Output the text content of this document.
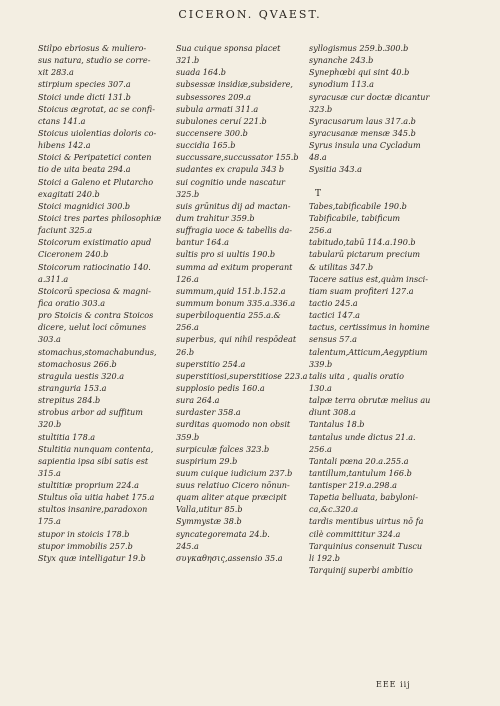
CICERON. QVAEST.
Stilpo ebriosus & muliero-
sus natura, studio se corre-
xit 283.a
stirpium species 307.a
Stoici unde dicti 131.b
Stoicus ægrotat, ac se confi-
ctans 141.a
Stoicus uiolentias doloris co-
hibens 142.a
Stoici & Peripatetici conten
tio de uita beata 294.a
Stoici a Galeno et Plutarcho
exagitati 240.b
Stoici magnidici 300.b
Stoici tres partes philosophiæ
faciunt 325.a
Stoicorum existimatio apud
Ciceronem 240.b
Stoicorum ratiocinatio 140.
a.311.a
Stoicorū speciosa & magni-
fica oratio 303.a
pro Stoicis & contra Stoicos
dicere, uelut loci cōmunes
303.a
stomachus,stomachabundus,
stomachosus 266.b
stragula uestis 320.a
stranguria 153.a
strepitus 284.b
strobus arbor ad suffitum
320.b
stultitia 178.a
Stultitia nunquam contenta,
sapientia ipsa sibi satis est
315.a
stultitiæ proprium 224.a
Stultus oīa uitia habet 175.a
stultos insanire,paradoxon
175.a
stupor in stoicis 178.b
stupor immobilis 257.b
Styx quæ intelligatur 19.b
Sua cuique sponsa placet
321.b
suada 164.b
subsessæ insidiæ,subsidere,
subsessores 209.a
subula armati 311.a
subulones ceruí 221.b
succensere 300.b
succidia 165.b
succussare,succussator 155.b
sudantes ex crapula 343 b
sui cognitio unde nascatur
325.b
suis grūnitus dij ad mactan-
dum trahitur 359.b
suffragia uoce & tabellis da-
bantur 164.a
sultis pro si uultis 190.b
summa ad exitum properant
126.a
summum,quid 151.b.152.a
summum bonum 335.a.336.a
superbiloquentia 255.a.&
256.a
superbus, qui nihil respōdeat
26.b
superstitio 254.a
superstitiosi,superstitiose 223.a
supplosio pedis 160.a
sura 264.a
surdaster 358.a
surditas quomodo non obsit
359.b
surpiculæ falces 323.b
suspirium 29.b
suum cuique iudicium 237.b
suus relatiuo Cicero nōnun-
quam aliter atque præcipit
Valla,utitur 85.b
Symmystæ 38.b
syncategoremata 24.b.
245.a
συγκαθησις,assensio 35.a
syllogismus 259.b.300.b
synanche 243.b
Synephœbi qui sint 40.b
synodium 113.a
syracusæ cur doctæ dicantur
323.b
Syracusarum laus 317.a.b
syracusanæ mensæ 345.b
Syrus insula una Cycladum
48.a
Sysitia 343.a
T
Tabes,tabificabile 190.b
Tabificabile, tabificum
256.a
tabitudo,tabū 114.a.190.b
tabularū pictarum precium
& utilitas 347.b
Tacere satius est,quàm insci-
tiam suam profiteri 127.a
tactio 245.a
tactici 147.a
tactus, certissimus in homine
sensus 57.a
talentum,Atticum,Aegyptium
339.b
talis uita , qualis oratio
130.a
talpæ terra obrutæ melius au
diunt 308.a
Tantalus 18.b
tantalus unde dictus 21.a.
256.a
Tantali pœna 20.a.255.a
tantillum,tantulum 166.b
tantisper 219.a.298.a
Tapetia belluata, babyloni-
ca,&c.320.a
tardis mentibus uirtus nō fa
cilè committitur 324.a
Tarquinius consenuit Tuscu
li 192.b
Tarquinij superbi ambitio
EEE iij
